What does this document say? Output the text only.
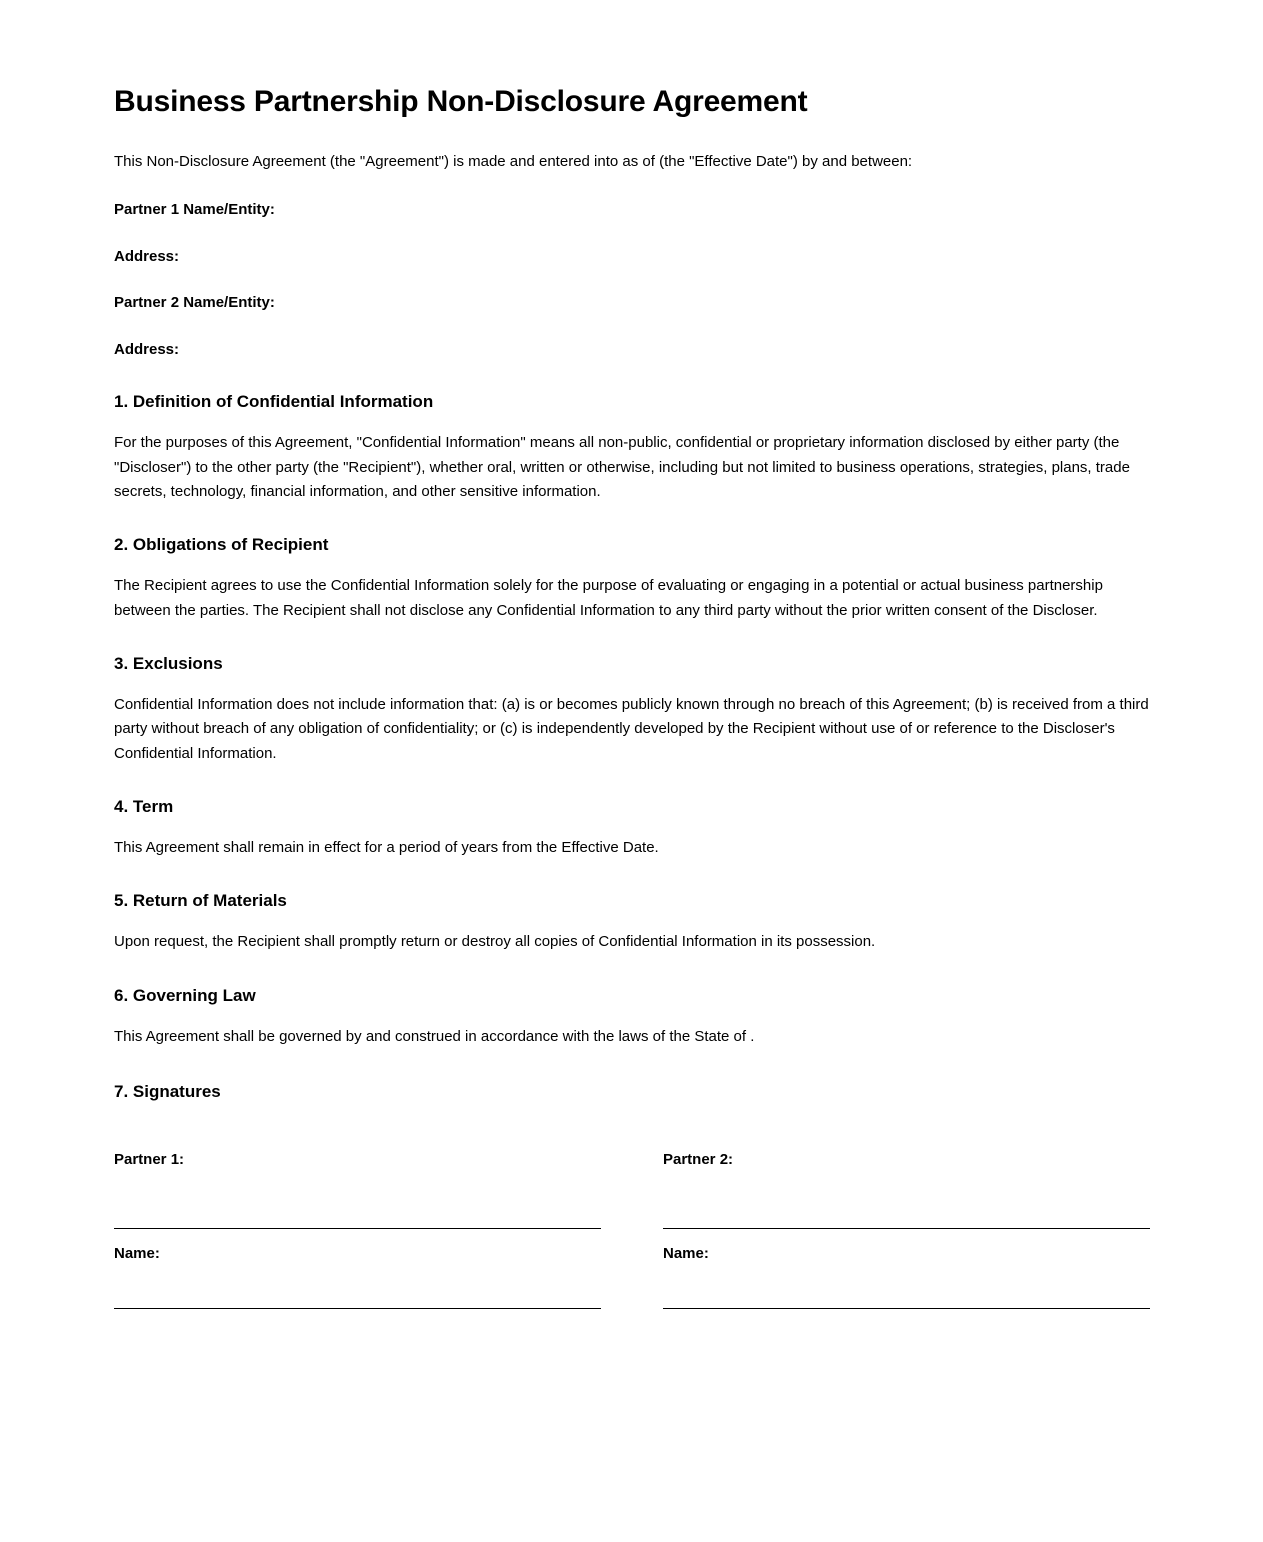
Business Partnership Non-Disclosure Agreement

This Non-Disclosure Agreement (the "Agreement") is made and entered into as of (the "Effective Date") by and between:

Partner 1 Name/Entity:

Address:

Partner 2 Name/Entity:

Address:

1. Definition of Confidential Information

For the purposes of this Agreement, "Confidential Information" means all non-public, confidential or proprietary information disclosed by either party (the "Discloser") to the other party (the "Recipient"), whether oral, written or otherwise, including but not limited to business operations, strategies, plans, trade secrets, technology, financial information, and other sensitive information.

2. Obligations of Recipient

The Recipient agrees to use the Confidential Information solely for the purpose of evaluating or engaging in a potential or actual business partnership between the parties. The Recipient shall not disclose any Confidential Information to any third party without the prior written consent of the Discloser.

3. Exclusions

Confidential Information does not include information that: (a) is or becomes publicly known through no breach of this Agreement; (b) is received from a third party without breach of any obligation of confidentiality; or (c) is independently developed by the Recipient without use of or reference to the Discloser's Confidential Information.

4. Term

This Agreement shall remain in effect for a period of years from the Effective Date.

5. Return of Materials

Upon request, the Recipient shall promptly return or destroy all copies of Confidential Information in its possession.

6. Governing Law

This Agreement shall be governed by and construed in accordance with the laws of the State of .

7. Signatures

Partner 1:

Name:

Partner 2:

Name:
